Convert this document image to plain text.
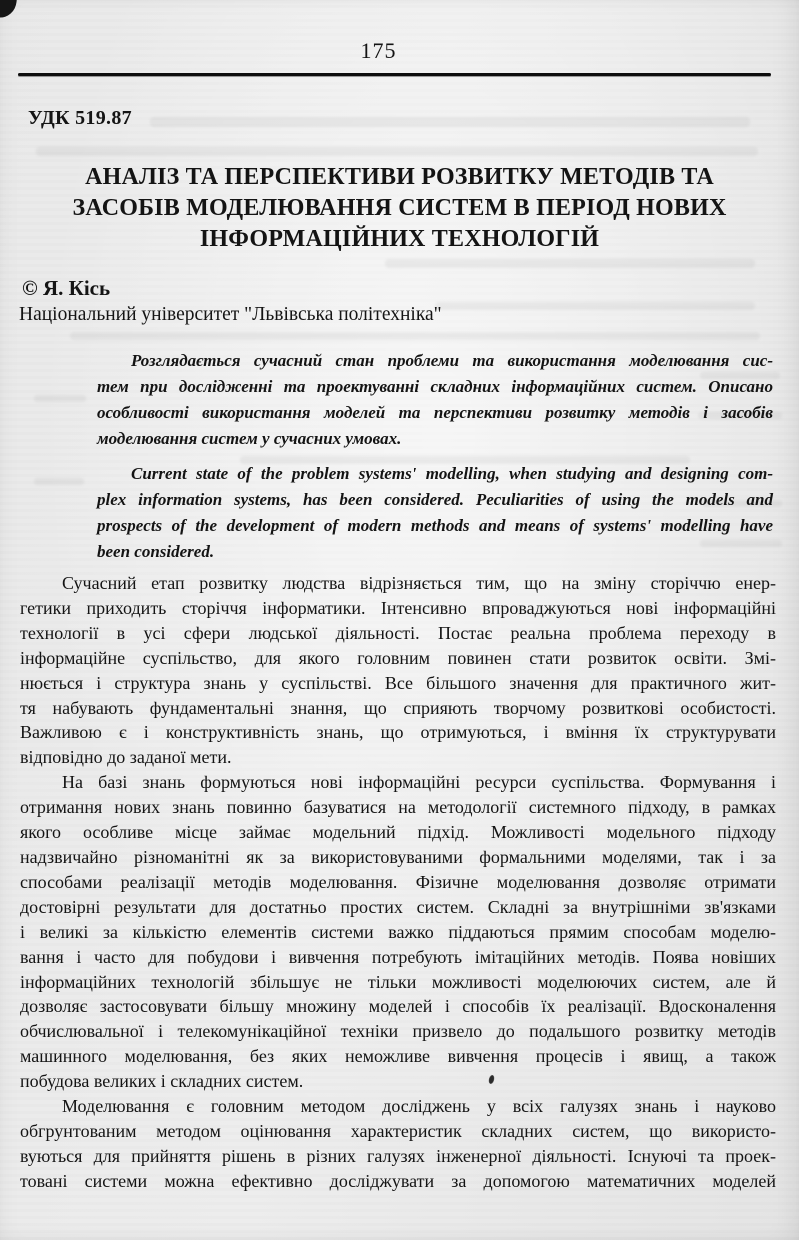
175
УДК 519.87
АНАЛІЗ ТА ПЕРСПЕКТИВИ РОЗВИТКУ МЕТОДІВ ТА
ЗАСОБІВ МОДЕЛЮВАННЯ СИСТЕМ В ПЕРІОД НОВИХ
ІНФОРМАЦІЙНИХ ТЕХНОЛОГІЙ
© Я. Кісь
Національний університет "Львівська політехніка"
Розглядається сучасний стан проблеми та використання моделювання сис-
тем при дослідженні та проектуванні складних інформаційних систем. Описано
особливості використання моделей та перспективи розвитку методів і засобів
моделювання систем у сучасних умовах.
Current state of the problem systems' modelling, when studying and designing com-
plex information systems, has been considered. Peculiarities of using the models and
prospects of the development of modern methods and means of systems' modelling have
been considered.
Сучасний етап розвитку людства відрізняється тим, що на зміну сторіччю енер-
гетики приходить сторіччя інформатики. Інтенсивно впроваджуються нові інформаційні
технології в усі сфери людської діяльності. Постає реальна проблема переходу в
інформаційне суспільство, для якого головним повинен стати розвиток освіти. Змі-
нюється і структура знань у суспільстві. Все більшого значення для практичного жит-
тя набувають фундаментальні знання, що сприяють творчому розвиткові особистості.
Важливою є і конструктивність знань, що отримуються, і вміння їх структурувати
відповідно до заданої мети.
На базі знань формуються нові інформаційні ресурси суспільства. Формування і
отримання нових знань повинно базуватися на методології системного підходу, в рамках
якого особливе місце займає модельний підхід. Можливості модельного підходу
надзвичайно різноманітні як за використовуваними формальними моделями, так і за
способами реалізації методів моделювання. Фізичне моделювання дозволяє отримати
достовірні результати для достатньо простих систем. Складні за внутрішніми зв'язками
і великі за кількістю елементів системи важко піддаються прямим способам моделю-
вання і часто для побудови і вивчення потребують імітаційних методів. Поява новіших
інформаційних технологій збільшує не тільки можливості моделюючих систем, але й
дозволяє застосовувати більшу множину моделей і способів їх реалізації. Вдосконалення
обчислювальної і телекомунікаційної техніки призвело до подальшого розвитку методів
машинного моделювання, без яких неможливе вивчення процесів і явищ, а також
побудова великих і складних систем.
Моделювання є головним методом досліджень у всіх галузях знань і науково
обгрунтованим методом оцінювання характеристик складних систем, що використо-
вуються для прийняття рішень в різних галузях інженерної діяльності. Існуючі та проек-
товані системи можна ефективно досліджувати за допомогою математичних моделей
